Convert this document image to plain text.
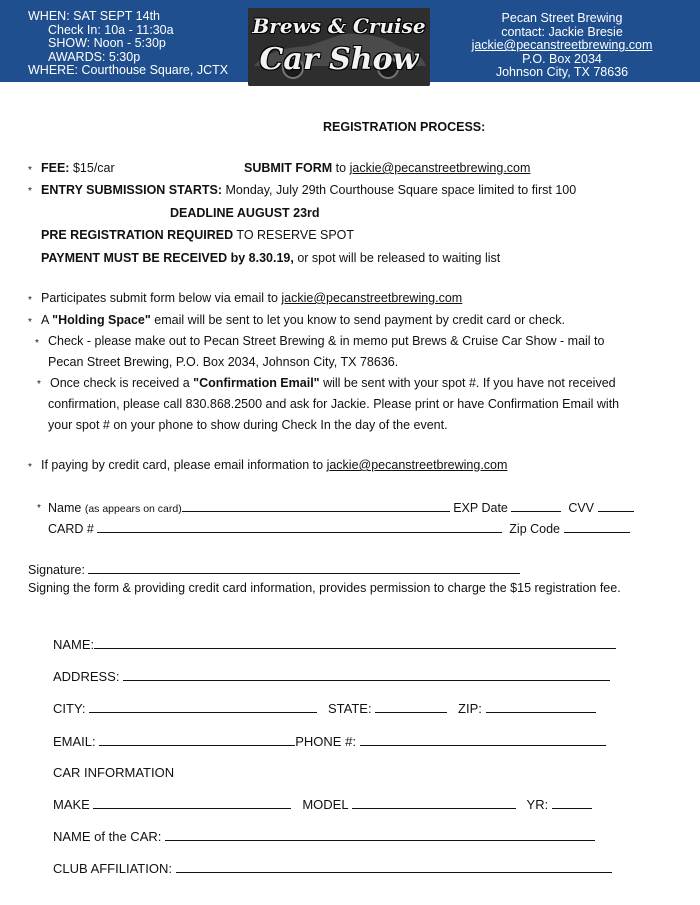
WHEN: SAT SEPT 14th
Check In: 10a - 11:30a
SHOW: Noon - 5:30p
AWARDS: 5:30p
WHERE: Courthouse Square, JCTX
Brews & Cruise
Car Show
Pecan Street Brewing
contact: Jackie Bresie
jackie@pecanstreetbrewing.com
P.O. Box 2034
Johnson City, TX 78636
REGISTRATION PROCESS:
* FEE: $15/car	SUBMIT FORM to jackie@pecanstreetbrewing.com
* ENTRY SUBMISSION STARTS: Monday, July 29th Courthouse Square space limited to first 100
DEADLINE AUGUST 23rd
PRE REGISTRATION REQUIRED TO RESERVE SPOT
PAYMENT MUST BE RECEIVED by 8.30.19, or spot will be released to waiting list
* Participates submit form below via email to jackie@pecanstreetbrewing.com
* A "Holding Space" email will be sent to let you know to send payment by credit card or check.
* Check - please make out to Pecan Street Brewing & in memo put Brews & Cruise Car Show - mail to
Pecan Street Brewing, P.O. Box 2034, Johnson City, TX 78636.
* Once check is received a "Confirmation Email" will be sent with your spot #. If you have not received
confirmation, please call 830.868.2500 and ask for Jackie. Please print or have Confirmation Email with
your spot # on your phone to show during Check In the day of the event.
* If paying by credit card, please email information to jackie@pecanstreetbrewing.com
* Name (as appears on card)	EXP Date	CVV
CARD #	Zip Code
Signature:
Signing the form & providing credit card information, provides permission to charge the $15 registration fee.
NAME:
ADDRESS:
CITY:	STATE:	ZIP:
EMAIL:	PHONE #:
CAR INFORMATION
MAKE	MODEL	YR:
NAME of the CAR:
CLUB AFFILIATION:
